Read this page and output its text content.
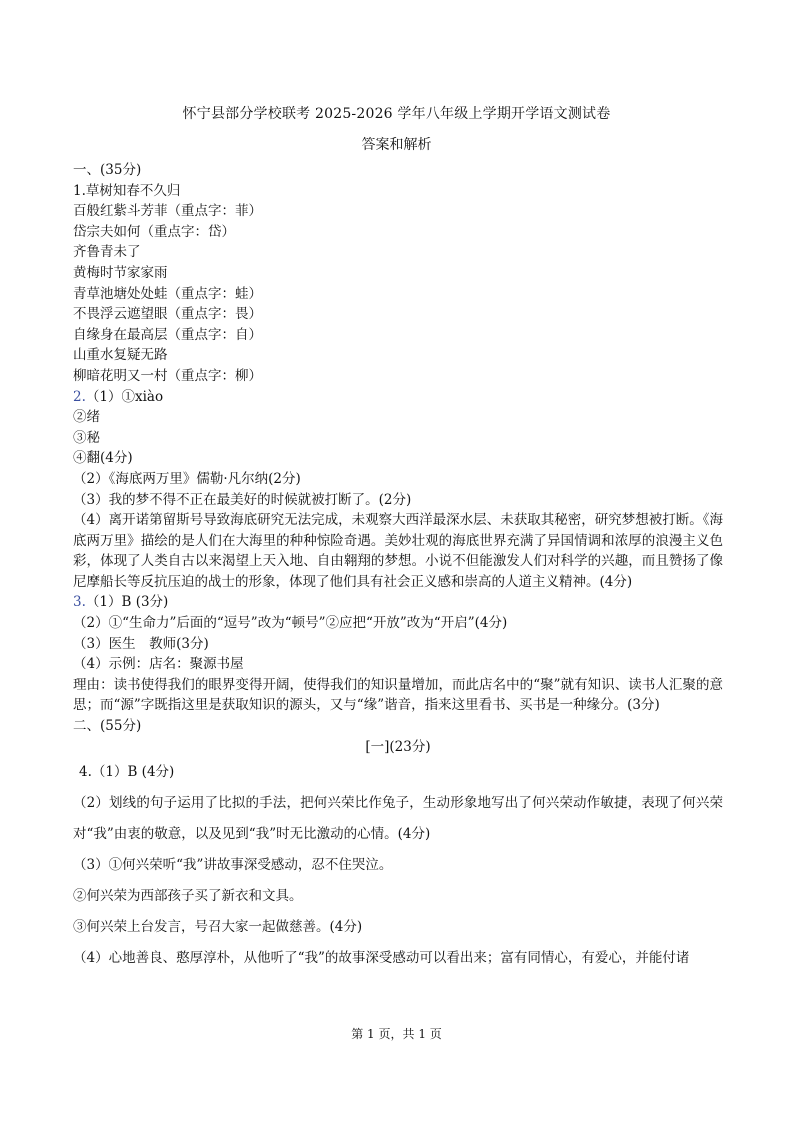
怀宁县部分学校联考 2025-2026 学年八年级上学期开学语文测试卷
答案和解析
一、(35分)
1.草树知春不久归
百般红紫斗芳菲（重点字：菲）
岱宗夫如何（重点字：岱）
齐鲁青未了
黄梅时节家家雨
青草池塘处处蛙（重点字：蛙）
不畏浮云遮望眼（重点字：畏）
自缘身在最高层（重点字：自）
山重水复疑无路
柳暗花明又一村（重点字：柳）
2.（1）①xiào
②绪
③秘
④翻(4分)
（2）《海底两万里》儒勒·凡尔纳(2分)
（3）我的梦不得不正在最美好的时候就被打断了。(2分)
（4）离开诺第留斯号导致海底研究无法完成，未观察大西洋最深水层、未获取其秘密，研究梦想被打断。《海底两万里》描绘的是人们在大海里的种种惊险奇遇。美妙壮观的海底世界充满了异国情调和浓厚的浪漫主义色彩，体现了人类自古以来渴望上天入地、自由翱翔的梦想。小说不但能激发人们对科学的兴趣，而且赞扬了像尼摩船长等反抗压迫的战士的形象，体现了他们具有社会正义感和崇高的人道主义精神。(4分)
3.（1）B (3分)
（2）①“生命力”后面的“逗号”改为“顿号”②应把“开放”改为“开启”(4分)
（3）医生　教师(3分)
（4）示例：店名：聚源书屋
理由：读书使得我们的眼界变得开阔，使得我们的知识量增加，而此店名中的“聚”就有知识、读书人汇聚的意思；而“源”字既指这里是获取知识的源头，又与“缘”谐音，指来这里看书、买书是一种缘分。(3分)
二、(55分)
[一](23分)
4.（1）B (4分)
（2）划线的句子运用了比拟的手法，把何兴荣比作兔子，生动形象地写出了何兴荣动作敏捷，表现了何兴荣对“我”由衷的敬意，以及见到“我”时无比激动的心情。(4分)
（3）①何兴荣听“我”讲故事深受感动，忍不住哭泣。
②何兴荣为西部孩子买了新衣和文具。
③何兴荣上台发言，号召大家一起做慈善。(4分)
（4）心地善良、憨厚淳朴，从他听了“我”的故事深受感动可以看出来；富有同情心，有爱心，并能付诸
第 1 页，共 1 页
